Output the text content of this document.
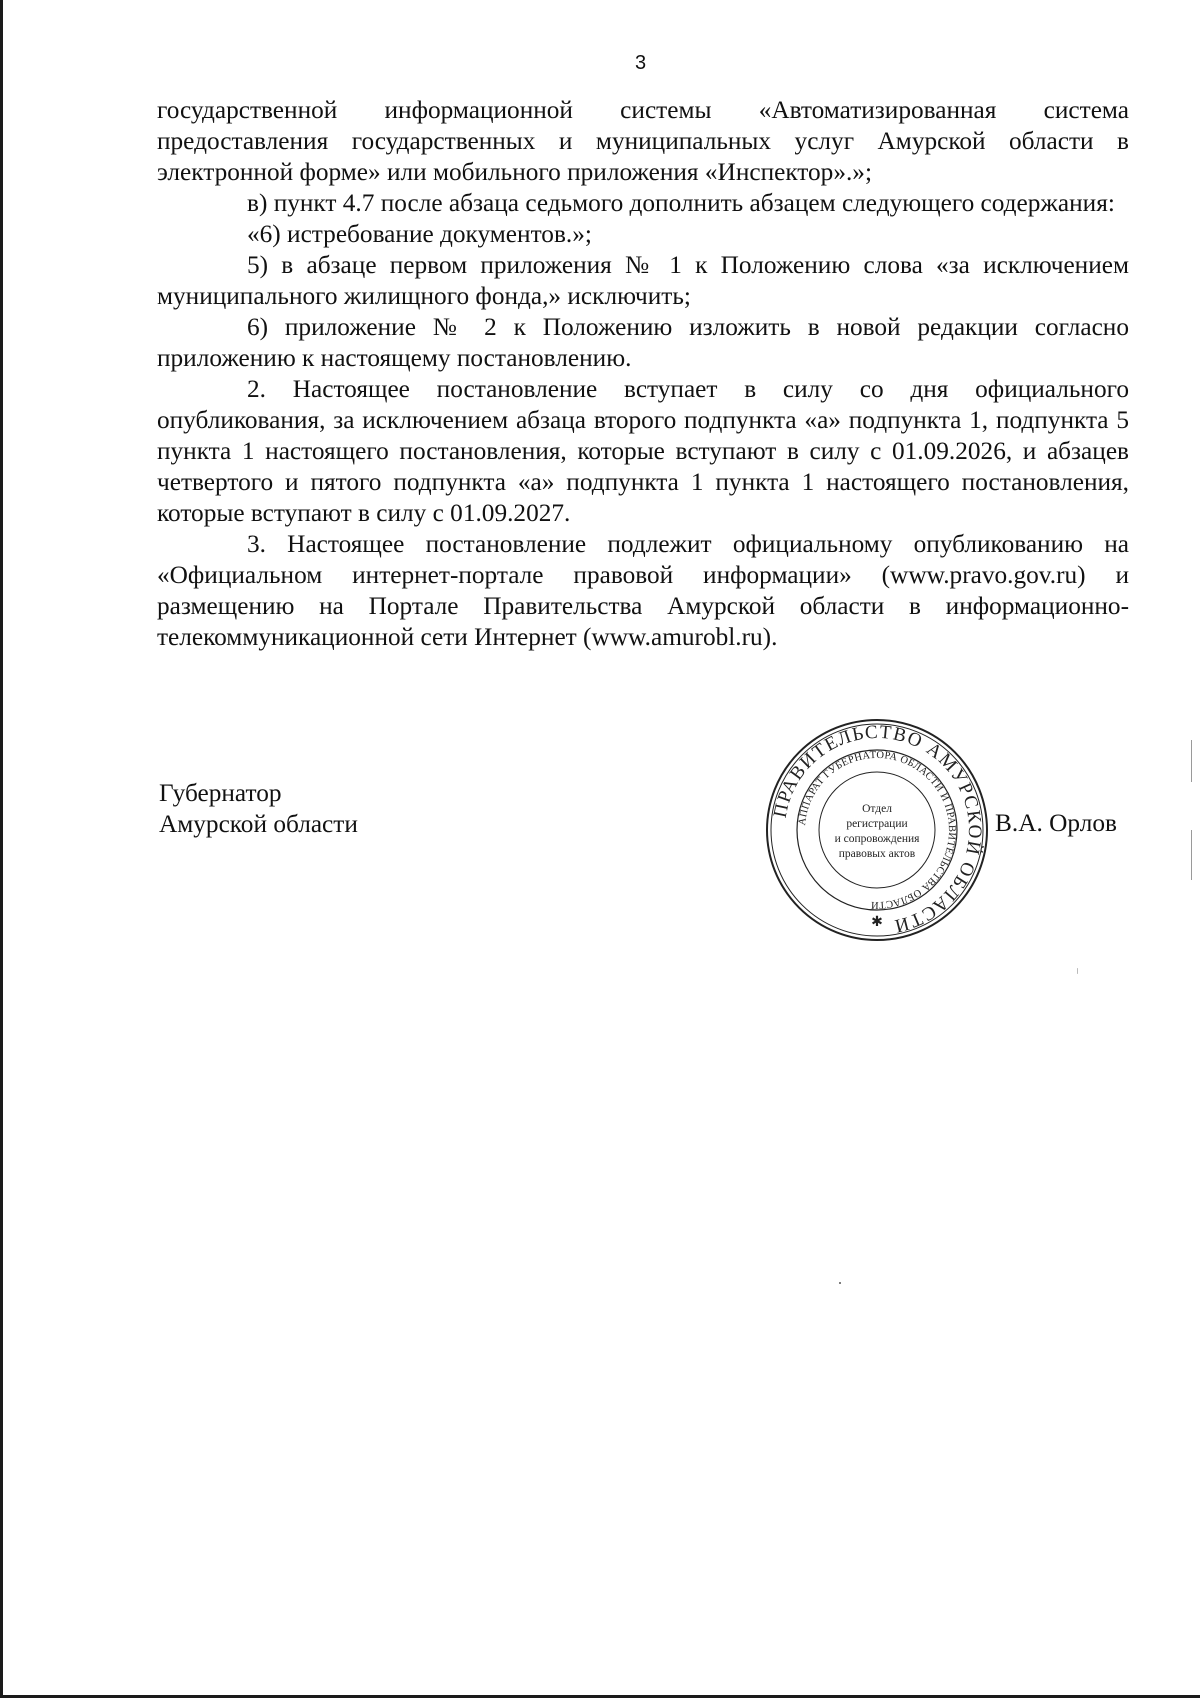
3

государственной информационной системы «Автоматизированная система предоставления государственных и муниципальных услуг Амурской области в электронной форме» или мобильного приложения «Инспектор».»;

в) пункт 4.7 после абзаца седьмого дополнить абзацем следующего содержания:

«6) истребование документов.»;

5) в абзаце первом приложения № 1 к Положению слова «за исключением муниципального жилищного фонда,» исключить;

6) приложение № 2 к Положению изложить в новой редакции согласно приложению к настоящему постановлению.

2. Настоящее постановление вступает в силу со дня официального опубликования, за исключением абзаца второго подпункта «а» подпункта 1, подпункта 5 пункта 1 настоящего постановления, которые вступают в силу с 01.09.2026, и абзацев четвертого и пятого подпункта «а» подпункта 1 пункта 1 настоящего постановления, которые вступают в силу с 01.09.2027.

3. Настоящее постановление подлежит официальному опубликованию на «Официальном интернет-портале правовой информации» (www.pravo.gov.ru) и размещению на Портале Правительства Амурской области в информационно-телекоммуникационной сети Интернет (www.amurobl.ru).

Губернатор
Амурской области
ПРАВИТЕЛЬСТВО АМУРСКОЙ ОБЛАСТИ
АППАРАТ ГУБЕРНАТОРА ОБЛАСТИ И ПРАВИТЕЛЬСТВА ОБЛАСТИ
Отдел
регистрации
и сопровождения
правовых актов
✱
В.А. Орлов
